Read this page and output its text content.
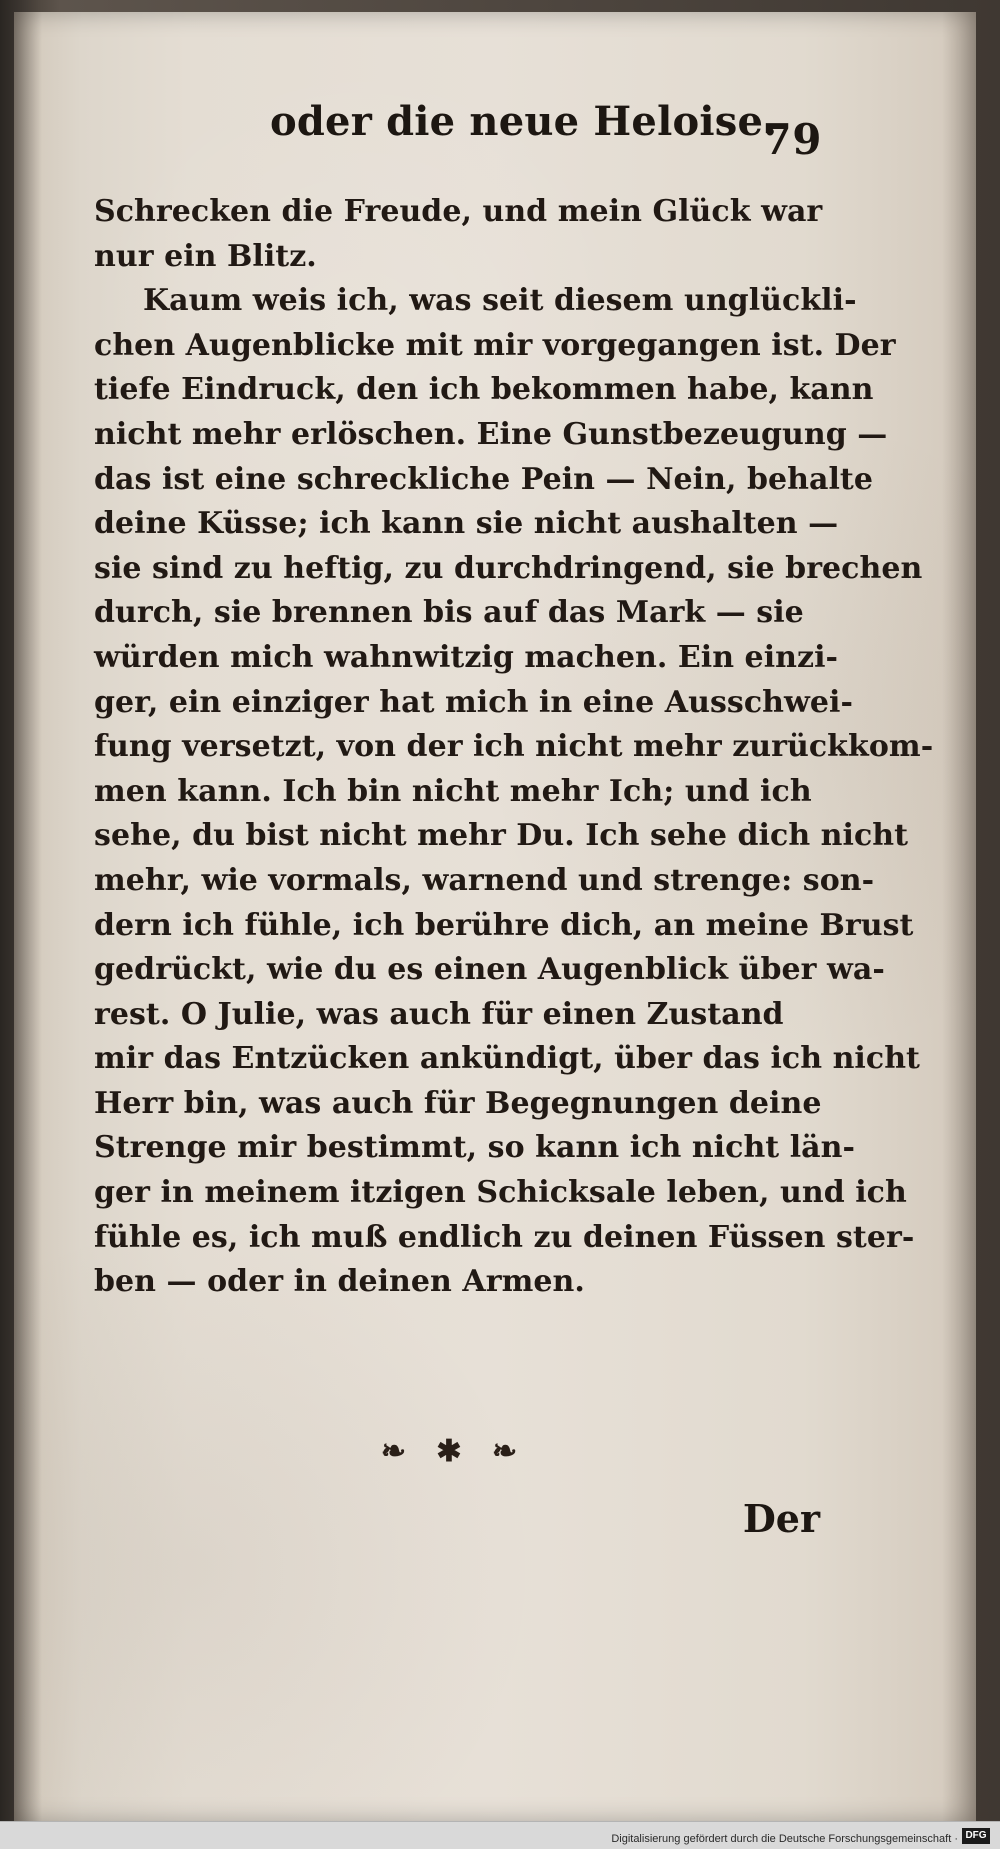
oder die neue Heloise.
79
Schrecken die Freude, und mein Glück war
nur ein Blitz.
Kaum weis ich, was seit diesem unglückli-
chen Augenblicke mit mir vorgegangen ist. Der
tiefe Eindruck, den ich bekommen habe, kann
nicht mehr erlöschen. Eine Gunstbezeugung —
das ist eine schreckliche Pein — Nein, behalte
deine Küsse; ich kann sie nicht aushalten —
sie sind zu heftig, zu durchdringend, sie brechen
durch, sie brennen bis auf das Mark — sie
würden mich wahnwitzig machen. Ein einzi-
ger, ein einziger hat mich in eine Ausschwei-
fung versetzt, von der ich nicht mehr zurückkom-
men kann. Ich bin nicht mehr Ich; und ich
sehe, du bist nicht mehr Du. Ich sehe dich nicht
mehr, wie vormals, warnend und strenge: son-
dern ich fühle, ich berühre dich, an meine Brust
gedrückt, wie du es einen Augenblick über wa-
rest. O Julie, was auch für einen Zustand
mir das Entzücken ankündigt, über das ich nicht
Herr bin, was auch für Begegnungen deine
Strenge mir bestimmt, so kann ich nicht län-
ger in meinem itzigen Schicksale leben, und ich
fühle es, ich muß endlich zu deinen Füssen ster-
ben — oder in deinen Armen.
❧ ✱ ❧
Der
Digitalisierung gefördert durch die Deutsche Forschungsgemeinschaft · DFG
